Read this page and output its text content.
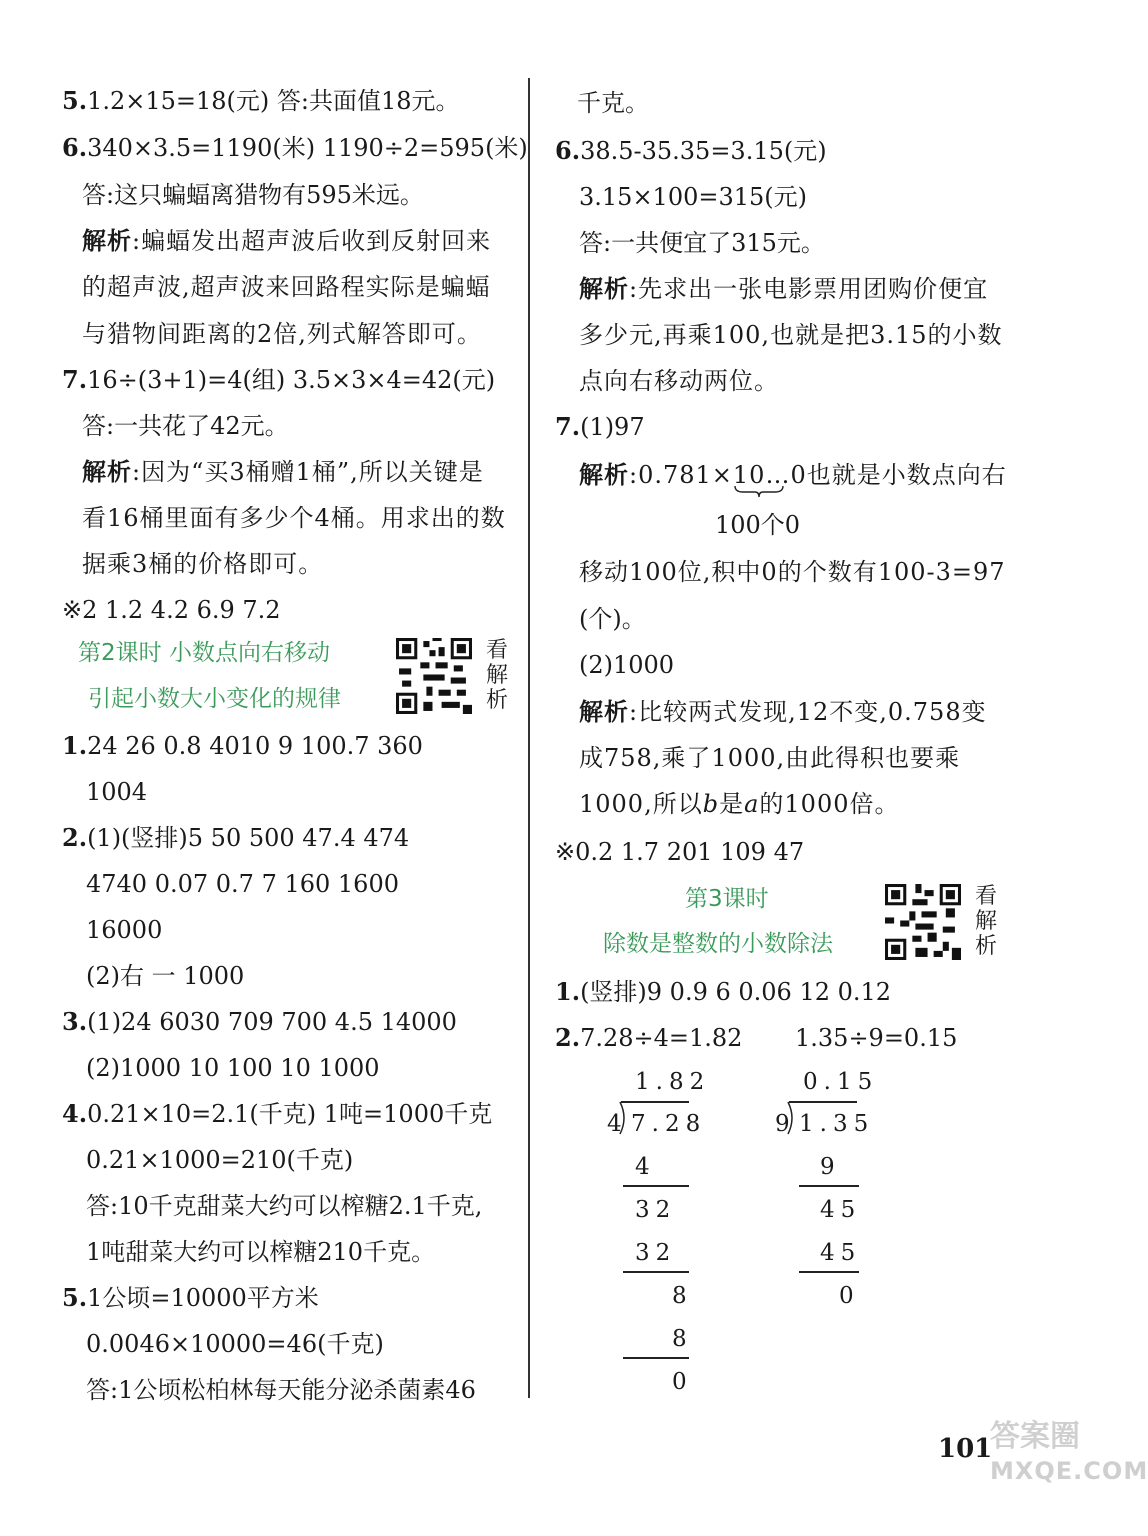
5.1.2×15=18(元) 答:共面值18元。
6.340×3.5=1190(米) 1190÷2=595(米)
答:这只蝙蝠离猎物有595米远。
解析:蝙蝠发出超声波后收到反射回来
的超声波,超声波来回路程实际是蝙蝠
与猎物间距离的2倍,列式解答即可。
7.16÷(3+1)=4(组) 3.5×3×4=42(元)
答:一共花了42元。
解析:因为“买3桶赠1桶”,所以关键是
看16桶里面有多少个4桶。用求出的数
据乘3桶的价格即可。
※2 1.2 4.2 6.9 7.2
第2课时 小数点向右移动
引起小数大小变化的规律
看解析
1.24 26 0.8 4010 9 100.7 360
1004
2.(1)(竖排)5 50 500 47.4 474
4740 0.07 0.7 7 160 1600
16000
(2)右 一 1000
3.(1)24 6030 709 700 4.5 14000
(2)1000 10 100 10 1000
4.0.21×10=2.1(千克) 1吨=1000千克
0.21×1000=210(千克)
答:10千克甜菜大约可以榨糖2.1千克,
1吨甜菜大约可以榨糖210千克。
5.1公顷=10000平方米
0.0046×10000=46(千克)
答:1公顷松柏林每天能分泌杀菌素46
千克。
6.38.5-35.35=3.15(元)
3.15×100=315(元)
答:一共便宜了315元。
解析:先求出一张电影票用团购价便宜
多少元,再乘100,也就是把3.15的小数
点向右移动两位。
7.(1)97
解析:0.781×10…0也就是小数点向右
100个0
移动100位,积中0的个数有100-3=97
(个)。
(2)1000
解析:比较两式发现,12不变,0.758变
成758,乘了1000,由此得积也要乘
1000,所以b是a的1000倍。
※0.2 1.7 201 109 47
第3课时
除数是整数的小数除法
看解析
1.(竖排)9 0.9 6 0.06 12 0.12
2.7.28÷4=1.82 1.35÷9=0.15
1.82
4 7.28
4
32
32
8
8
0
0.15
9 1.35
9
45
45
0
101
答案圈
MXQE.COM
